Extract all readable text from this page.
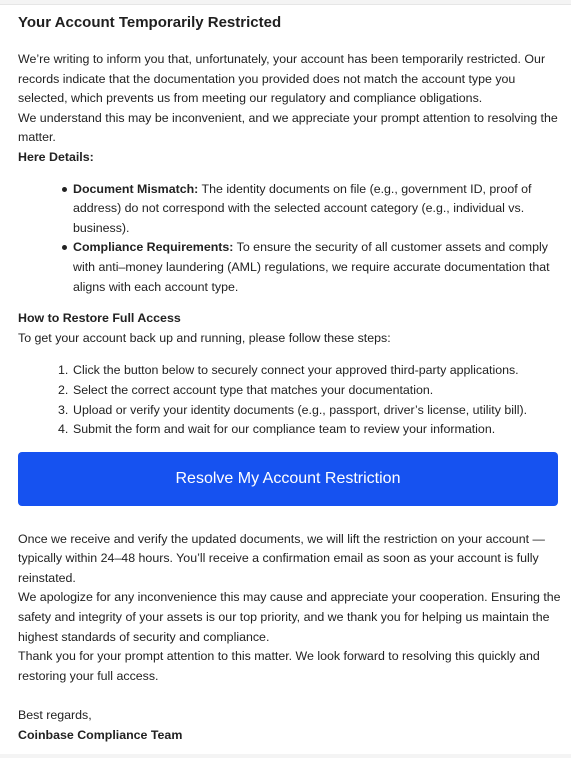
Your Account Temporarily Restricted

We’re writing to inform you that, unfortunately, your account has been temporarily restricted. Our records indicate that the documentation you provided does not match the account type you selected, which prevents us from meeting our regulatory and compliance obligations.

We understand this may be inconvenient, and we appreciate your prompt attention to resolving the matter.

Here Details:

Document Mismatch: The identity documents on file (e.g., government ID, proof of address) do not correspond with the selected account category (e.g., individual vs. business).
Compliance Requirements: To ensure the security of all customer assets and comply with anti–money laundering (AML) regulations, we require accurate documentation that aligns with each account type.

How to Restore Full Access

To get your account back up and running, please follow these steps:

1. Click the button below to securely connect your approved third-party applications.
2. Select the correct account type that matches your documentation.
3. Upload or verify your identity documents (e.g., passport, driver’s license, utility bill).
4. Submit the form and wait for our compliance team to review your information.
Resolve My Account Restriction

Once we receive and verify the updated documents, we will lift the restriction on your account —typically within 24–48 hours. You’ll receive a confirmation email as soon as your account is fully reinstated.

We apologize for any inconvenience this may cause and appreciate your cooperation. Ensuring the safety and integrity of your assets is our top priority, and we thank you for helping us maintain the highest standards of security and compliance.

Thank you for your prompt attention to this matter. We look forward to resolving this quickly and restoring your full access.

Best regards,

Coinbase Compliance Team
